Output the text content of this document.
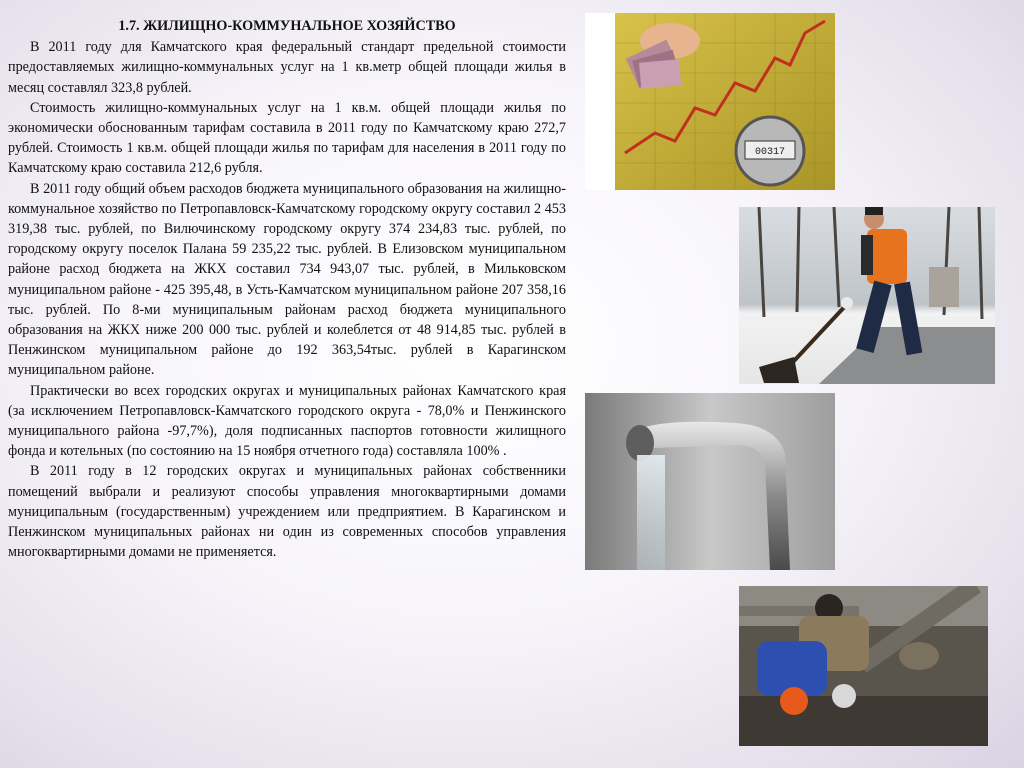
1.7. ЖИЛИЩНО-КОММУНАЛЬНОЕ ХОЗЯЙСТВО

В 2011 году для Камчатского края федеральный стандарт предельной стоимости предоставляемых жилищно-коммунальных услуг на 1 кв.метр общей площади жилья в месяц составлял 323,8 рублей.

Стоимость жилищно-коммунальных услуг на 1 кв.м. общей площади жилья по экономически обоснованным тарифам составила в 2011 году по Камчатскому краю 272,7 рублей. Стоимость 1 кв.м. общей площади жилья по тарифам для населения в 2011 году по Камчатскому краю составила 212,6 рубля.

В 2011 году общий объем расходов бюджета муниципального образования на жилищно-коммунальное хозяйство по Петропавловск-Камчатскому городскому округу составил 2 453 319,38 тыс. рублей, по Вилючинскому городскому округу 374 234,83 тыс. рублей, по городскому округу поселок Палана 59 235,22 тыс. рублей. В Елизовском муниципальном районе расход бюджета на ЖКХ составил 734 943,07 тыс. рублей, в Мильковском муниципальном районе - 425 395,48, в Усть-Камчатском муниципальном районе 207 358,16 тыс. рублей. По 8-ми муниципальным районам расход бюджета муниципального образования на ЖКХ ниже 200 000 тыс. рублей и колеблется от 48 914,85 тыс. рублей в Пенжинском муниципальном районе до 192 363,54тыс. рублей в Карагинском муниципальном районе.

Практически во всех городских округах и муниципальных районах Камчатского края (за исключением Петропавловск-Камчатского городского округа - 78,0% и Пенжинского муниципального района -97,7%), доля подписанных паспортов готовности жилищного фонда и котельных (по состоянию на 15 ноября отчетного года) составляла 100% .

В 2011 году в 12 городских округах и муниципальных районах собственники помещений выбрали и реализуют способы управления многоквартирными домами муниципальным (государственным) учреждением или предприятием. В Карагинском и Пенжинском муниципальных районах ни один из современных способов управления многоквартирными домами не применяется.

00317
